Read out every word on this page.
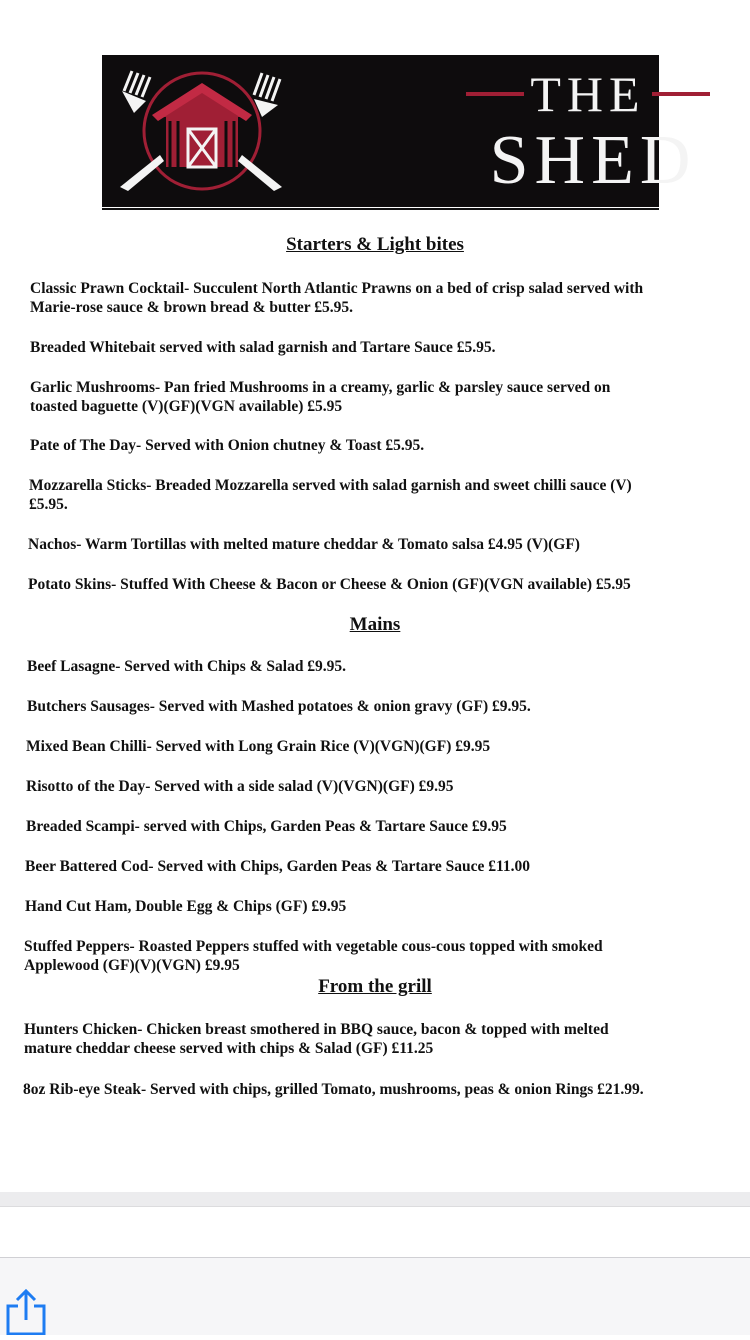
THE
SHED
Starters & Light bites
Classic Prawn Cocktail- Succulent North Atlantic Prawns on a bed of crisp salad served with
Marie-rose sauce & brown bread & butter £5.95.
Breaded Whitebait served with salad garnish and Tartare Sauce £5.95.
Garlic Mushrooms- Pan fried Mushrooms in a creamy, garlic & parsley sauce served on
toasted baguette (V)(GF)(VGN available) £5.95
Pate of The Day- Served with Onion chutney & Toast £5.95.
Mozzarella Sticks- Breaded Mozzarella served with salad garnish and sweet chilli sauce (V)
£5.95.
Nachos- Warm Tortillas with melted mature cheddar & Tomato salsa £4.95 (V)(GF)
Potato Skins- Stuffed With Cheese & Bacon or Cheese & Onion (GF)(VGN available) £5.95
Mains
Beef Lasagne- Served with Chips & Salad £9.95.
Butchers Sausages- Served with Mashed potatoes & onion gravy (GF) £9.95.
Mixed Bean Chilli- Served with Long Grain Rice (V)(VGN)(GF) £9.95
Risotto of the Day- Served with a side salad (V)(VGN)(GF) £9.95
Breaded Scampi- served with Chips, Garden Peas & Tartare Sauce £9.95
Beer Battered Cod- Served with Chips, Garden Peas & Tartare Sauce £11.00
Hand Cut Ham, Double Egg & Chips (GF) £9.95
Stuffed Peppers- Roasted Peppers stuffed with vegetable cous-cous topped with smoked
Applewood (GF)(V)(VGN) £9.95
From the grill
Hunters Chicken- Chicken breast smothered in BBQ sauce, bacon & topped with melted
mature cheddar cheese served with chips & Salad (GF) £11.25
8oz Rib-eye Steak- Served with chips, grilled Tomato, mushrooms, peas & onion Rings £21.99.
